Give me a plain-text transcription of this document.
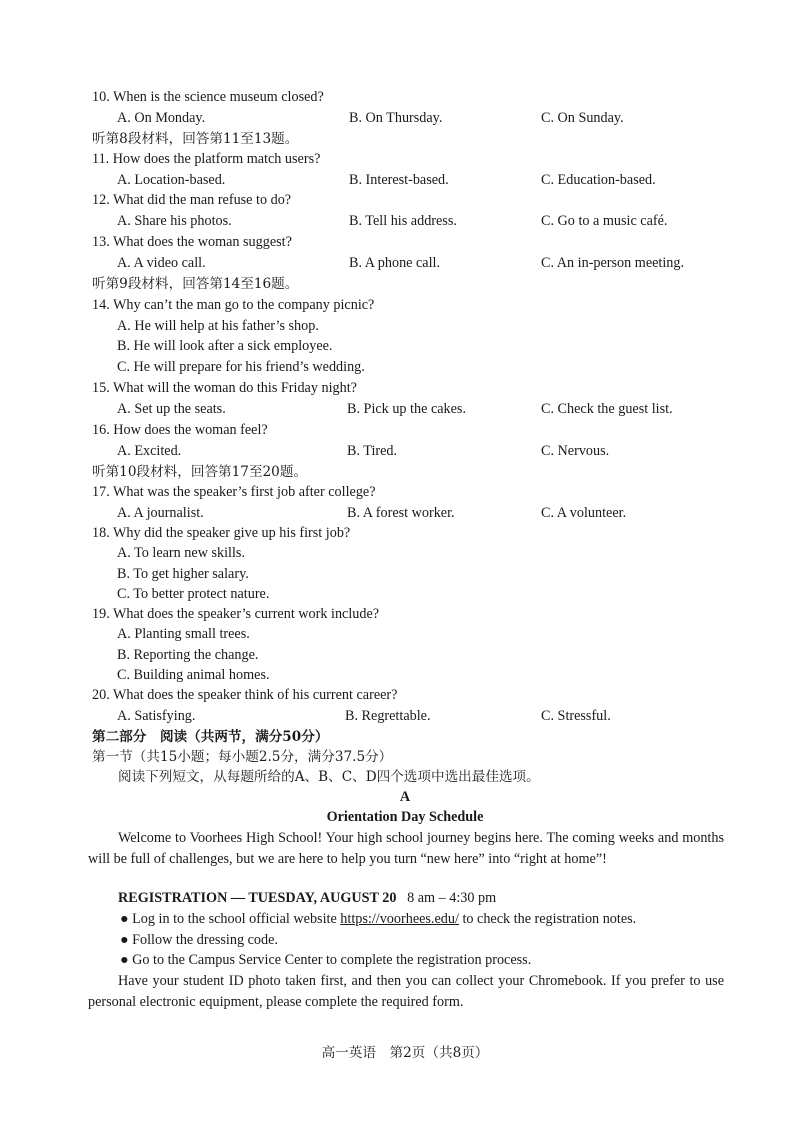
10. When is the science museum closed?
A. On Monday.	B. On Thursday.	C. On Sunday.
听第8段材料，回答第11至13题。
11. How does the platform match users?
A. Location-based.	B. Interest-based.	C. Education-based.
12. What did the man refuse to do?
A. Share his photos.	B. Tell his address.	C. Go to a music café.
13. What does the woman suggest?
A. A video call.	B. A phone call.	C. An in-person meeting.
听第9段材料，回答第14至16题。
14. Why can’t the man go to the company picnic?
A. He will help at his father’s shop.
B. He will look after a sick employee.
C. He will prepare for his friend’s wedding.
15. What will the woman do this Friday night?
A. Set up the seats.	B. Pick up the cakes.	C. Check the guest list.
16. How does the woman feel?
A. Excited.	B. Tired.	C. Nervous.
听第10段材料，回答第17至20题。
17. What was the speaker’s first job after college?
A. A journalist.	B. A forest worker.	C. A volunteer.
18. Why did the speaker give up his first job?
A. To learn new skills.
B. To get higher salary.
C. To better protect nature.
19. What does the speaker’s current work include?
A. Planting small trees.
B. Reporting the change.
C. Building animal homes.
20. What does the speaker think of his current career?
A. Satisfying.	B. Regrettable.	C. Stressful.
第二部分　阅读（共两节，满分50分）
第一节（共15小题；每小题2.5分，满分37.5分）
阅读下列短文，从每题所给的A、B、C、D四个选项中选出最佳选项。
A
Orientation Day Schedule
Welcome to Voorhees High School! Your high school journey begins here. The coming weeks and months will be full of challenges, but we are here to help you turn “new here” into “right at home”!
REGISTRATION — TUESDAY, AUGUST 20 8 am – 4:30 pm
● Log in to the school official website https://voorhees.edu/ to check the registration notes.
● Follow the dressing code.
● Go to the Campus Service Center to complete the registration process.
Have your student ID photo taken first, and then you can collect your Chromebook. If you prefer to use personal electronic equipment, please complete the required form.
高一英语　第2页（共8页）
